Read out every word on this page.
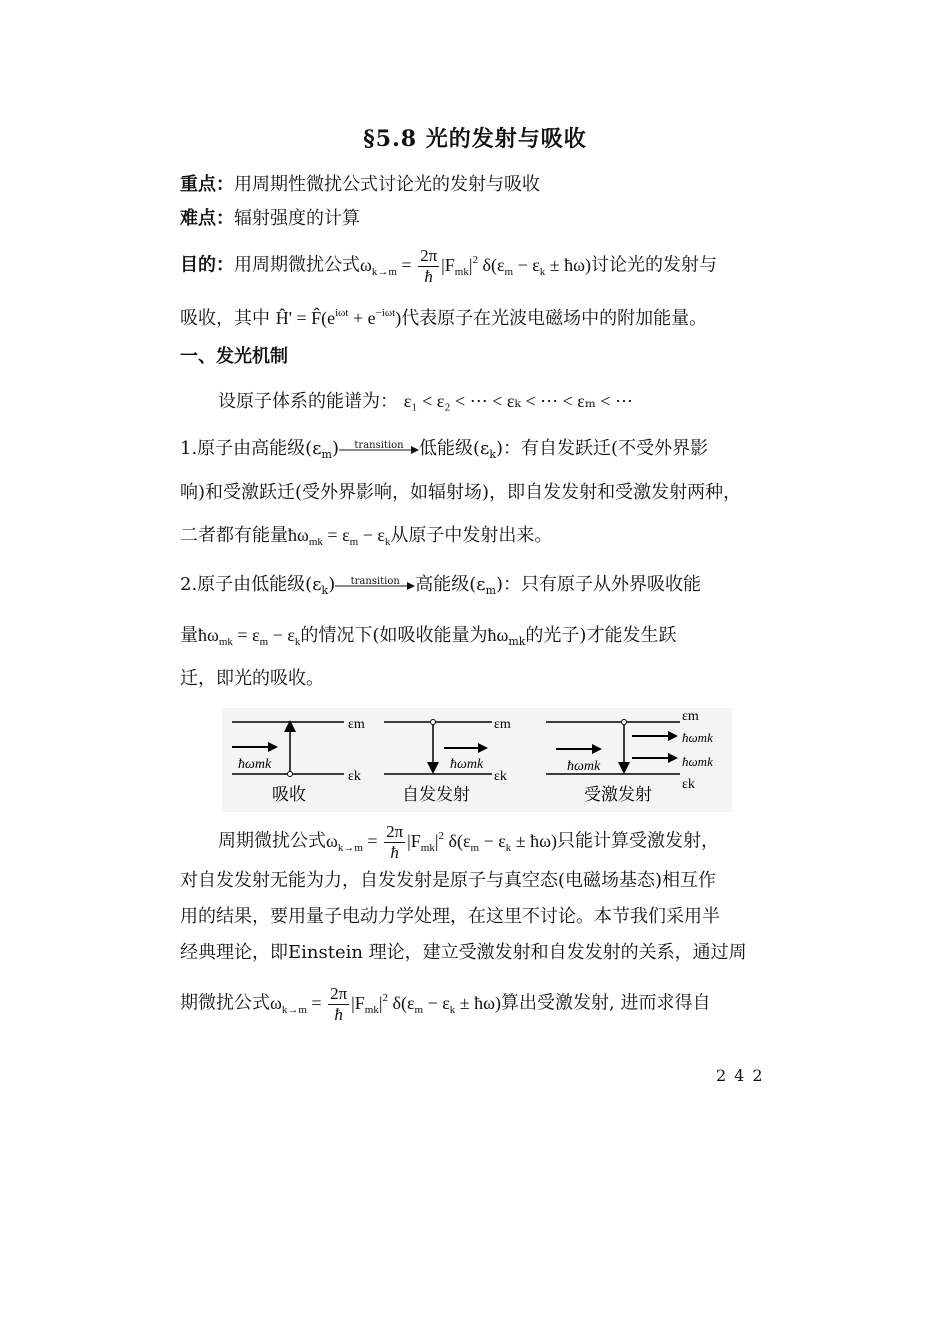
§5.8 光的发射与吸收
重点：用周期性微扰公式讨论光的发射与吸收
难点：辐射强度的计算
目的：用周期微扰公式$\omega_{k\to m} = \frac{2\pi}{ħ} |F_{mk}|^2$ $\delta(\varepsilon_m - \varepsilon_k$ ± ħω)讨论光的发射与
吸收，其中 Ĥ' = $F̂(e^{i\omega t} + e^{-i\omega t})$代表原子在光波电磁场中的附加能量。
一、发光机制
设原子体系的能谱为： ε₁ < ε₂ < ⋯ < εₖ < ⋯ < εₘ < ⋯
1.原子由高能级$(\varepsilon_m)$	transition 低能级$(\varepsilon_k)$：有自发跃迁(不受外界影
响)和受激跃迁(受外界影响，如辐射场)，即自发发射和受激发射两种，
二者都有能量$ħ\omega_{mk} = \varepsilon_m - \varepsilon_k$从原子中发射出来。
2.原子由低能级$(\varepsilon_k)$	transition 高能级$(\varepsilon_m)$：只有原子从外界吸收能
量$ħ\omega_{mk} = \varepsilon_m - \varepsilon_k$的情况下(如吸收能量为$ħ\omega_{mk}$的光子)才能发生跃
迁，即光的吸收。
ħωmk
εm
εk
吸收
ħωmk
εm
εk
自发发射
ħωmk
εm
ħωmk
ħωmk
εk
受激发射
周期微扰公式$\omega_{k\to m} = \frac{2\pi}{ħ} |F_{mk}|^2$ $\delta(\varepsilon_m - \varepsilon_k$ ± ħω)只能计算受激发射，
对自发发射无能为力，自发发射是原子与真空态(电磁场基态)相互作
用的结果，要用量子电动力学处理，在这里不讨论。本节我们采用半
经典理论，即Einstein 理论，建立受激发射和自发发射的关系，通过周
期微扰公式$\omega_{k\to m} = \frac{2\pi}{ħ} |F_{mk}|^2$ $\delta(\varepsilon_m - \varepsilon_k$ ± ħω)算出受激发射, 进而求得自
242
